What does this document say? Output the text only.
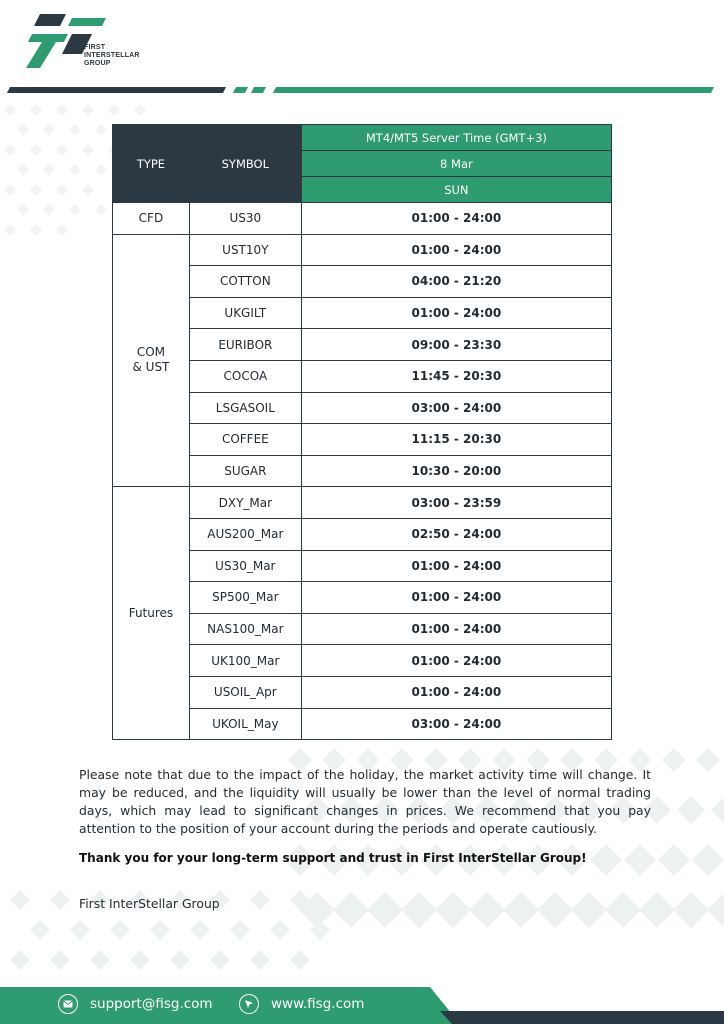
FIRST
INTERSTELLAR
GROUP
TYPE	SYMBOL	MT4/MT5 Server Time (GMT+3)
		8 Mar
		SUN
CFD	US30	01:00 - 24:00
COM
& UST	UST10Y	01:00 - 24:00
	COTTON	04:00 - 21:20
	UKGILT	01:00 - 24:00
	EURIBOR	09:00 - 23:30
	COCOA	11:45 - 20:30
	LSGASOIL	03:00 - 24:00
	COFFEE	11:15 - 20:30
	SUGAR	10:30 - 20:00
Futures	DXY_Mar	03:00 - 23:59
	AUS200_Mar	02:50 - 24:00
	US30_Mar	01:00 - 24:00
	SP500_Mar	01:00 - 24:00
	NAS100_Mar	01:00 - 24:00
	UK100_Mar	01:00 - 24:00
	USOIL_Apr	01:00 - 24:00
	UKOIL_May	03:00 - 24:00

Please note that due to the impact of the holiday, the market activity time will change. It may be reduced, and the liquidity will usually be lower than the level of normal trading days, which may lead to significant changes in prices. We recommend that you pay attention to the position of your account during the periods and operate cautiously.

Thank you for your long-term support and trust in First InterStellar Group!
First InterStellar Group
support@fisg.com	www.fisg.com
